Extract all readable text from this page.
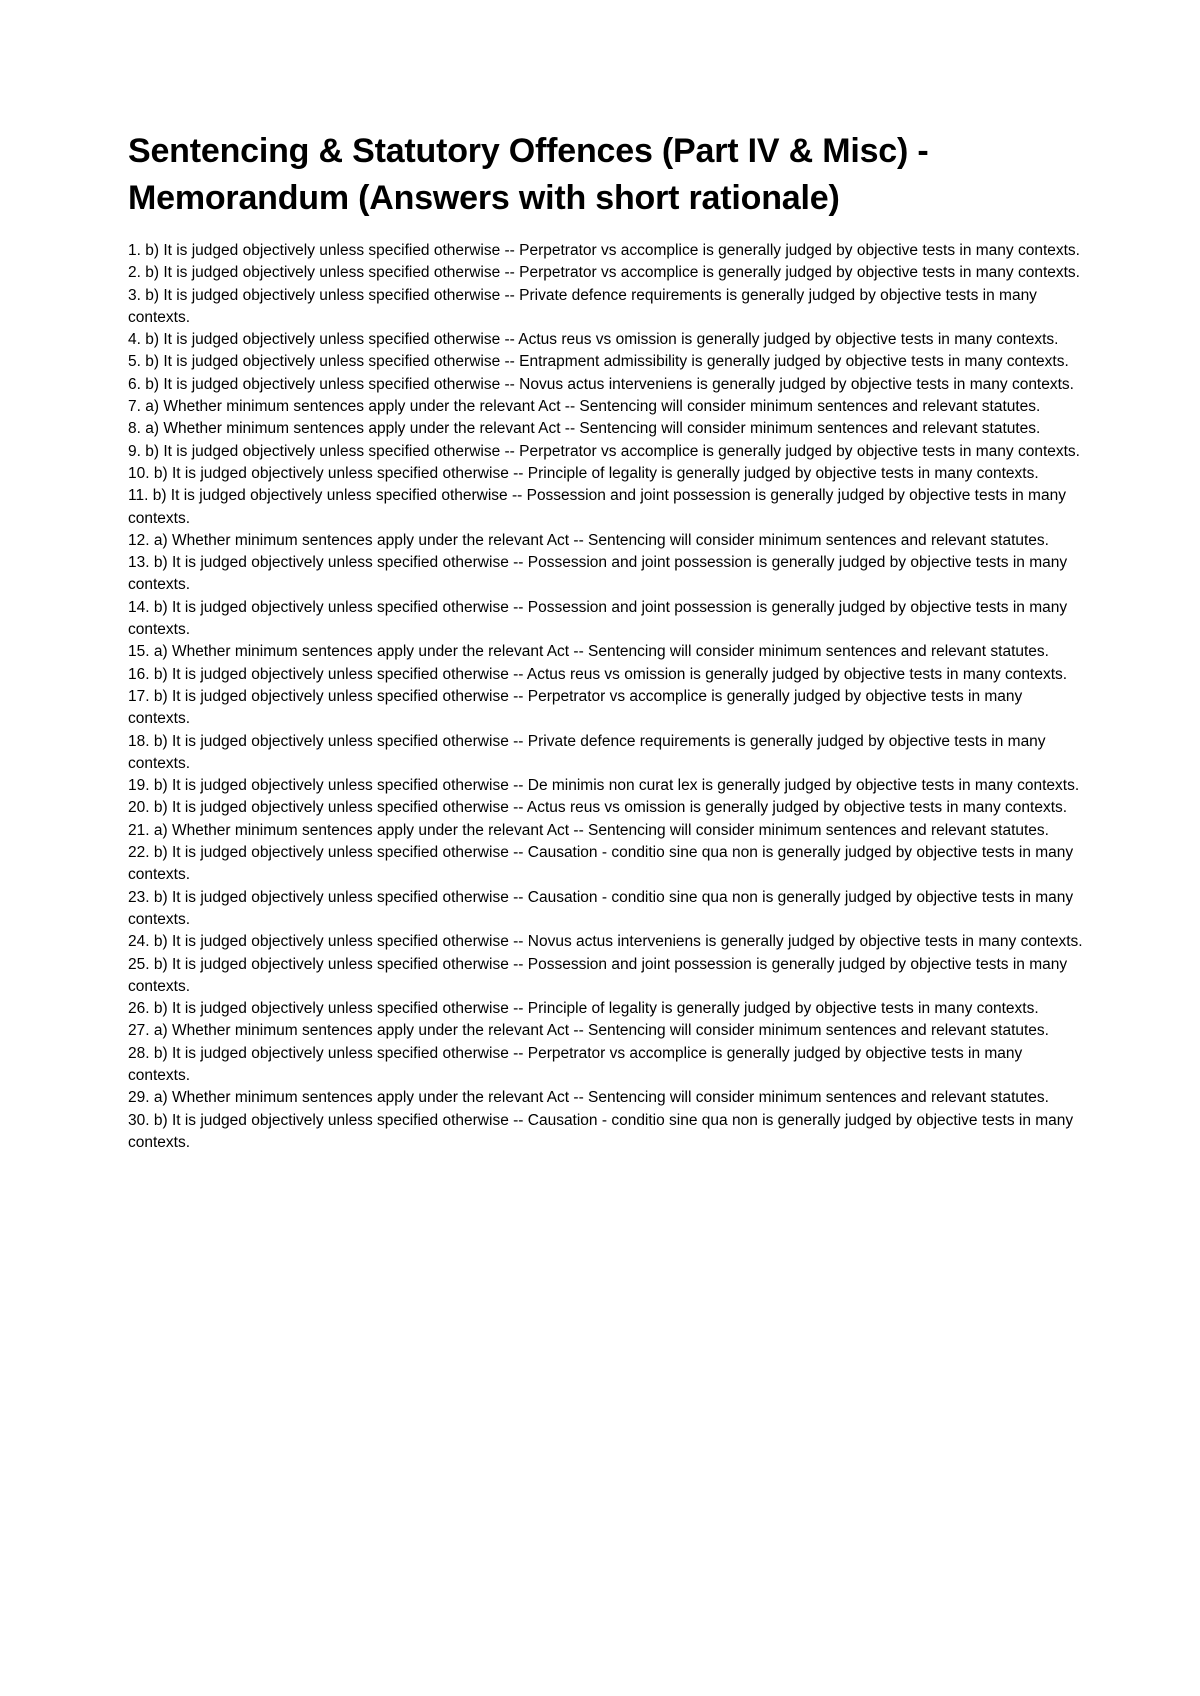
Sentencing & Statutory Offences (Part IV & Misc) - Memorandum (Answers with short rationale)
1. b) It is judged objectively unless specified otherwise -- Perpetrator vs accomplice is generally judged by objective tests in many contexts.
2. b) It is judged objectively unless specified otherwise -- Perpetrator vs accomplice is generally judged by objective tests in many contexts.
3. b) It is judged objectively unless specified otherwise -- Private defence requirements is generally judged by objective tests in many contexts.
4. b) It is judged objectively unless specified otherwise -- Actus reus vs omission is generally judged by objective tests in many contexts.
5. b) It is judged objectively unless specified otherwise -- Entrapment admissibility is generally judged by objective tests in many contexts.
6. b) It is judged objectively unless specified otherwise -- Novus actus interveniens is generally judged by objective tests in many contexts.
7. a) Whether minimum sentences apply under the relevant Act -- Sentencing will consider minimum sentences and relevant statutes.
8. a) Whether minimum sentences apply under the relevant Act -- Sentencing will consider minimum sentences and relevant statutes.
9. b) It is judged objectively unless specified otherwise -- Perpetrator vs accomplice is generally judged by objective tests in many contexts.
10. b) It is judged objectively unless specified otherwise -- Principle of legality is generally judged by objective tests in many contexts.
11. b) It is judged objectively unless specified otherwise -- Possession and joint possession is generally judged by objective tests in many contexts.
12. a) Whether minimum sentences apply under the relevant Act -- Sentencing will consider minimum sentences and relevant statutes.
13. b) It is judged objectively unless specified otherwise -- Possession and joint possession is generally judged by objective tests in many contexts.
14. b) It is judged objectively unless specified otherwise -- Possession and joint possession is generally judged by objective tests in many contexts.
15. a) Whether minimum sentences apply under the relevant Act -- Sentencing will consider minimum sentences and relevant statutes.
16. b) It is judged objectively unless specified otherwise -- Actus reus vs omission is generally judged by objective tests in many contexts.
17. b) It is judged objectively unless specified otherwise -- Perpetrator vs accomplice is generally judged by objective tests in many contexts.
18. b) It is judged objectively unless specified otherwise -- Private defence requirements is generally judged by objective tests in many contexts.
19. b) It is judged objectively unless specified otherwise -- De minimis non curat lex is generally judged by objective tests in many contexts.
20. b) It is judged objectively unless specified otherwise -- Actus reus vs omission is generally judged by objective tests in many contexts.
21. a) Whether minimum sentences apply under the relevant Act -- Sentencing will consider minimum sentences and relevant statutes.
22. b) It is judged objectively unless specified otherwise -- Causation - conditio sine qua non is generally judged by objective tests in many contexts.
23. b) It is judged objectively unless specified otherwise -- Causation - conditio sine qua non is generally judged by objective tests in many contexts.
24. b) It is judged objectively unless specified otherwise -- Novus actus interveniens is generally judged by objective tests in many contexts.
25. b) It is judged objectively unless specified otherwise -- Possession and joint possession is generally judged by objective tests in many contexts.
26. b) It is judged objectively unless specified otherwise -- Principle of legality is generally judged by objective tests in many contexts.
27. a) Whether minimum sentences apply under the relevant Act -- Sentencing will consider minimum sentences and relevant statutes.
28. b) It is judged objectively unless specified otherwise -- Perpetrator vs accomplice is generally judged by objective tests in many contexts.
29. a) Whether minimum sentences apply under the relevant Act -- Sentencing will consider minimum sentences and relevant statutes.
30. b) It is judged objectively unless specified otherwise -- Causation - conditio sine qua non is generally judged by objective tests in many contexts.
